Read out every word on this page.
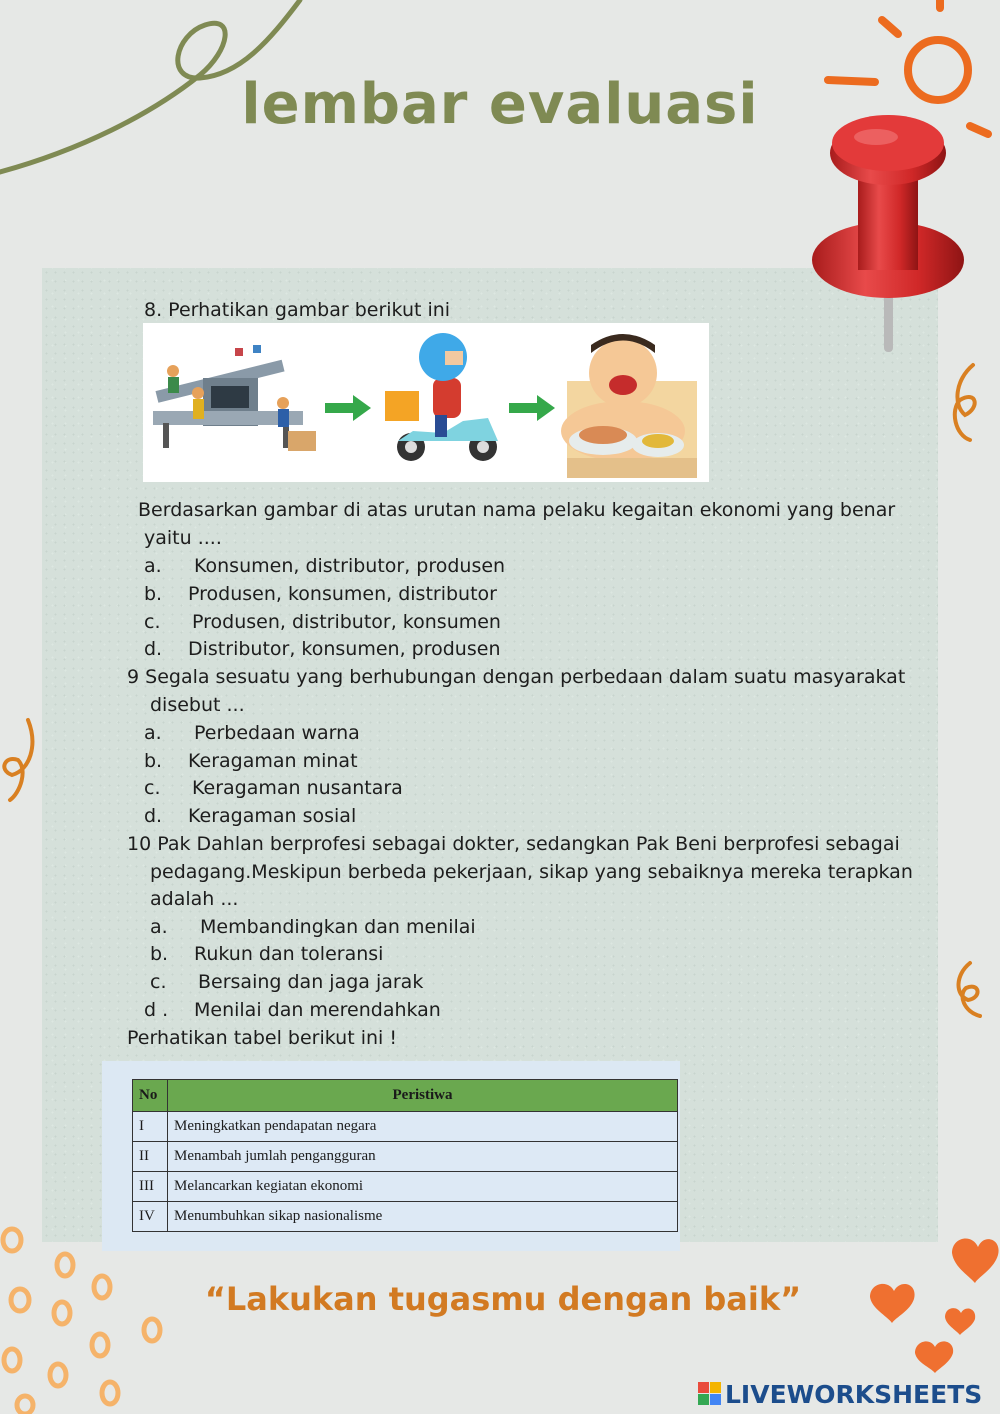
lembar evaluasi
8. Perhatikan gambar berikut ini
Berdasarkan gambar di atas urutan nama pelaku kegaitan ekonomi yang benar
yaitu ....
a. Konsumen, distributor, produsen
b. Produsen, konsumen, distributor
c. Produsen, distributor, konsumen
d. Distributor, konsumen, produsen
9 Segala sesuatu yang berhubungan dengan perbedaan dalam suatu masyarakat
disebut ...
a. Perbedaan warna
b. Keragaman minat
c. Keragaman nusantara
d. Keragaman sosial
10 Pak Dahlan berprofesi sebagai dokter, sedangkan Pak Beni berprofesi sebagai
pedagang.Meskipun berbeda pekerjaan, sikap yang sebaiknya mereka terapkan
adalah ...
a. Membandingkan dan menilai
b. Rukun dan toleransi
c. Bersaing dan jaga jarak
d . Menilai dan merendahkan
Perhatikan tabel berikut ini !
No	Peristiwa
I	Meningkatkan pendapatan negara
II	Menambah jumlah pengangguran
III	Melancarkan kegiatan ekonomi
IV	Menumbuhkan sikap nasionalisme
“Lakukan tugasmu dengan baik”
LIVEWORKSHEETS
